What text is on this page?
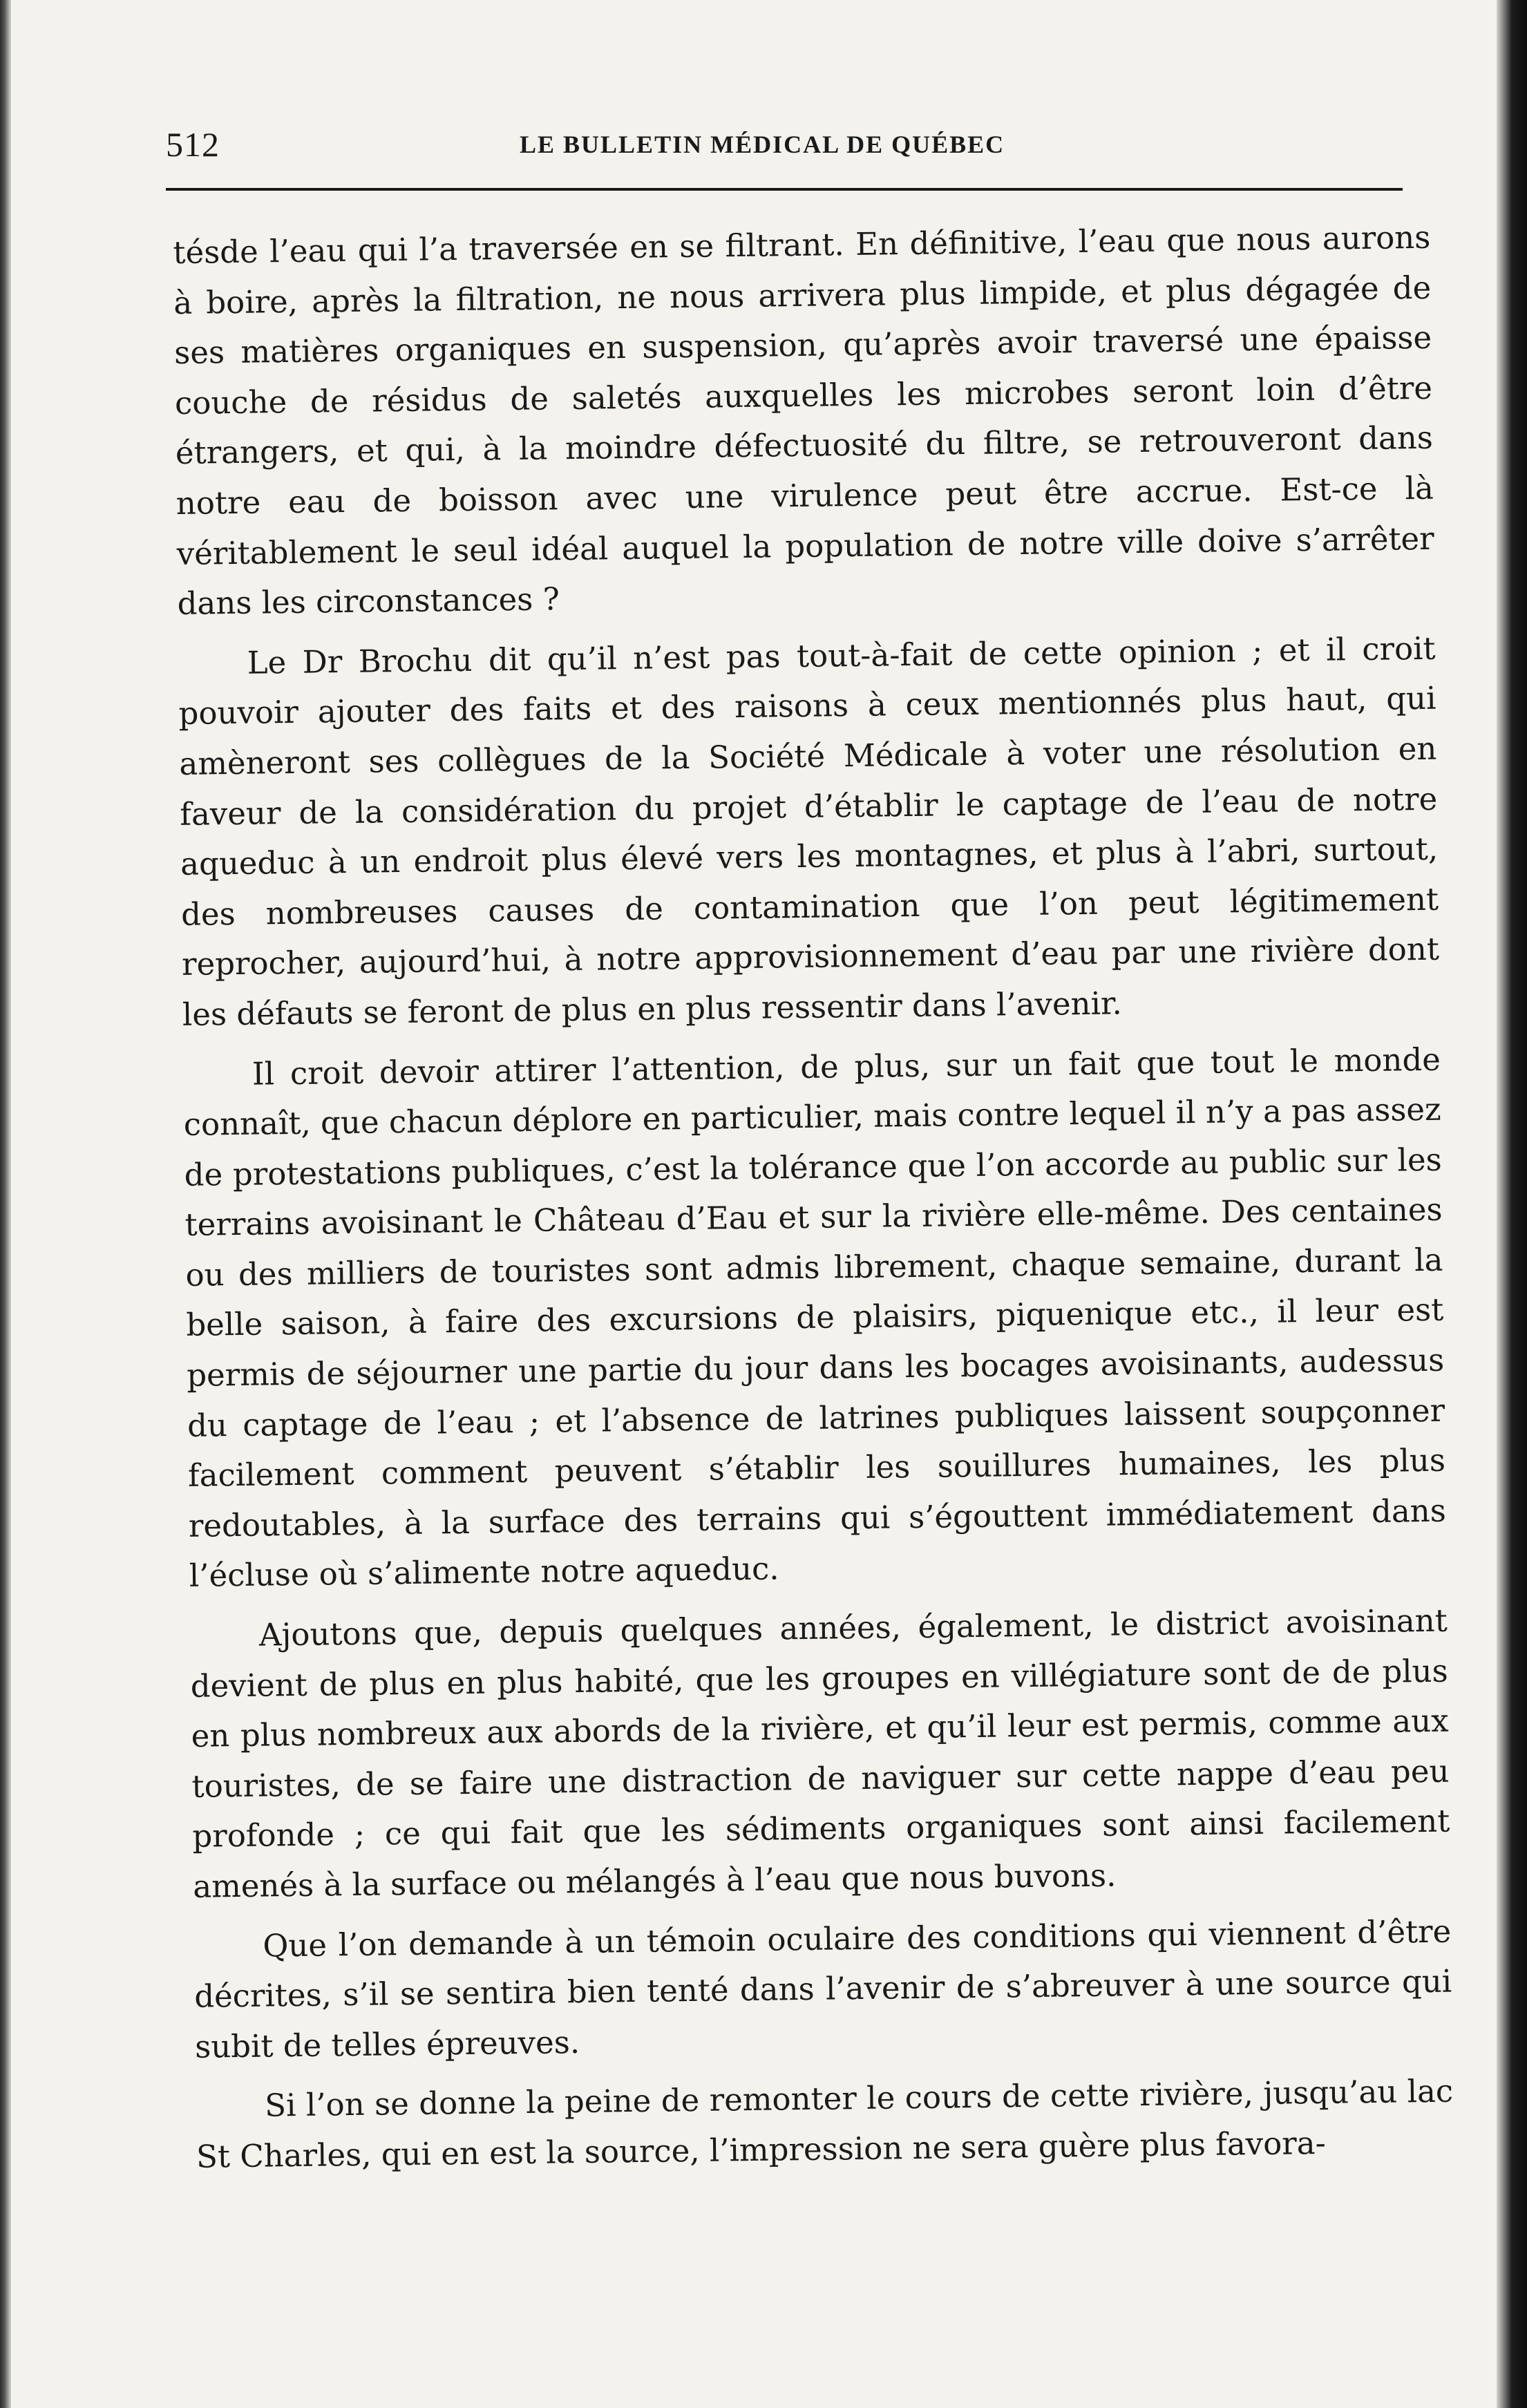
512	LE BULLETIN MÉDICAL DE QUÉBEC

tésde l’eau qui l’a traversée en se filtrant. En définitive, l’eau que nous aurons à boire, après la filtration, ne nous arrivera plus limpide, et plus dégagée de ses matières organiques en suspension, qu’après avoir traversé une épaisse couche de résidus de saletés auxquelles les microbes seront loin d’être étrangers, et qui, à la moindre défectuosité du filtre, se retrouveront dans notre eau de boisson avec une virulence peut être accrue. Est-ce là véritablement le seul idéal auquel la population de notre ville doive s’arrêter dans les circonstances ?

Le Dr Brochu dit qu’il n’est pas tout-à-fait de cette opinion ; et il croit pouvoir ajouter des faits et des raisons à ceux mentionnés plus haut, qui amèneront ses collègues de la Société Médicale à voter une résolution en faveur de la considération du projet d’établir le captage de l’eau de notre aqueduc à un endroit plus élevé vers les montagnes, et plus à l’abri, surtout, des nombreuses causes de contamination que l’on peut légitimement reprocher, aujourd’hui, à notre approvisionnement d’eau par une rivière dont les défauts se feront de plus en plus ressentir dans l’avenir.

Il croit devoir attirer l’attention, de plus, sur un fait que tout le monde connaît, que chacun déplore en particulier, mais contre lequel il n’y a pas assez de protestations publiques, c’est la tolérance que l’on accorde au public sur les terrains avoisinant le Château d’Eau et sur la rivière elle-même. Des centaines ou des milliers de touristes sont admis librement, chaque semaine, durant la belle saison, à faire des excursions de plaisirs, piquenique etc., il leur est permis de séjourner une partie du jour dans les bocages avoisinants, audessus du captage de l’eau ; et l’absence de latrines publiques laissent soupçonner facilement comment peuvent s’établir les souillures humaines, les plus redoutables, à la surface des terrains qui s’égouttent immédiatement dans l’écluse où s’alimente notre aqueduc.

Ajoutons que, depuis quelques années, également, le district avoisinant devient de plus en plus habité, que les groupes en villégiature sont de de plus en plus nombreux aux abords de la rivière, et qu’il leur est permis, comme aux touristes, de se faire une distraction de naviguer sur cette nappe d’eau peu profonde ; ce qui fait que les sédiments organiques sont ainsi facilement amenés à la surface ou mélangés à l’eau que nous buvons.

Que l’on demande à un témoin oculaire des conditions qui viennent d’être décrites, s’il se sentira bien tenté dans l’avenir de s’abreuver à une source qui subit de telles épreuves.

Si l’on se donne la peine de remonter le cours de cette rivière, jusqu’au lac St Charles, qui en est la source, l’impression ne sera guère plus favora-
